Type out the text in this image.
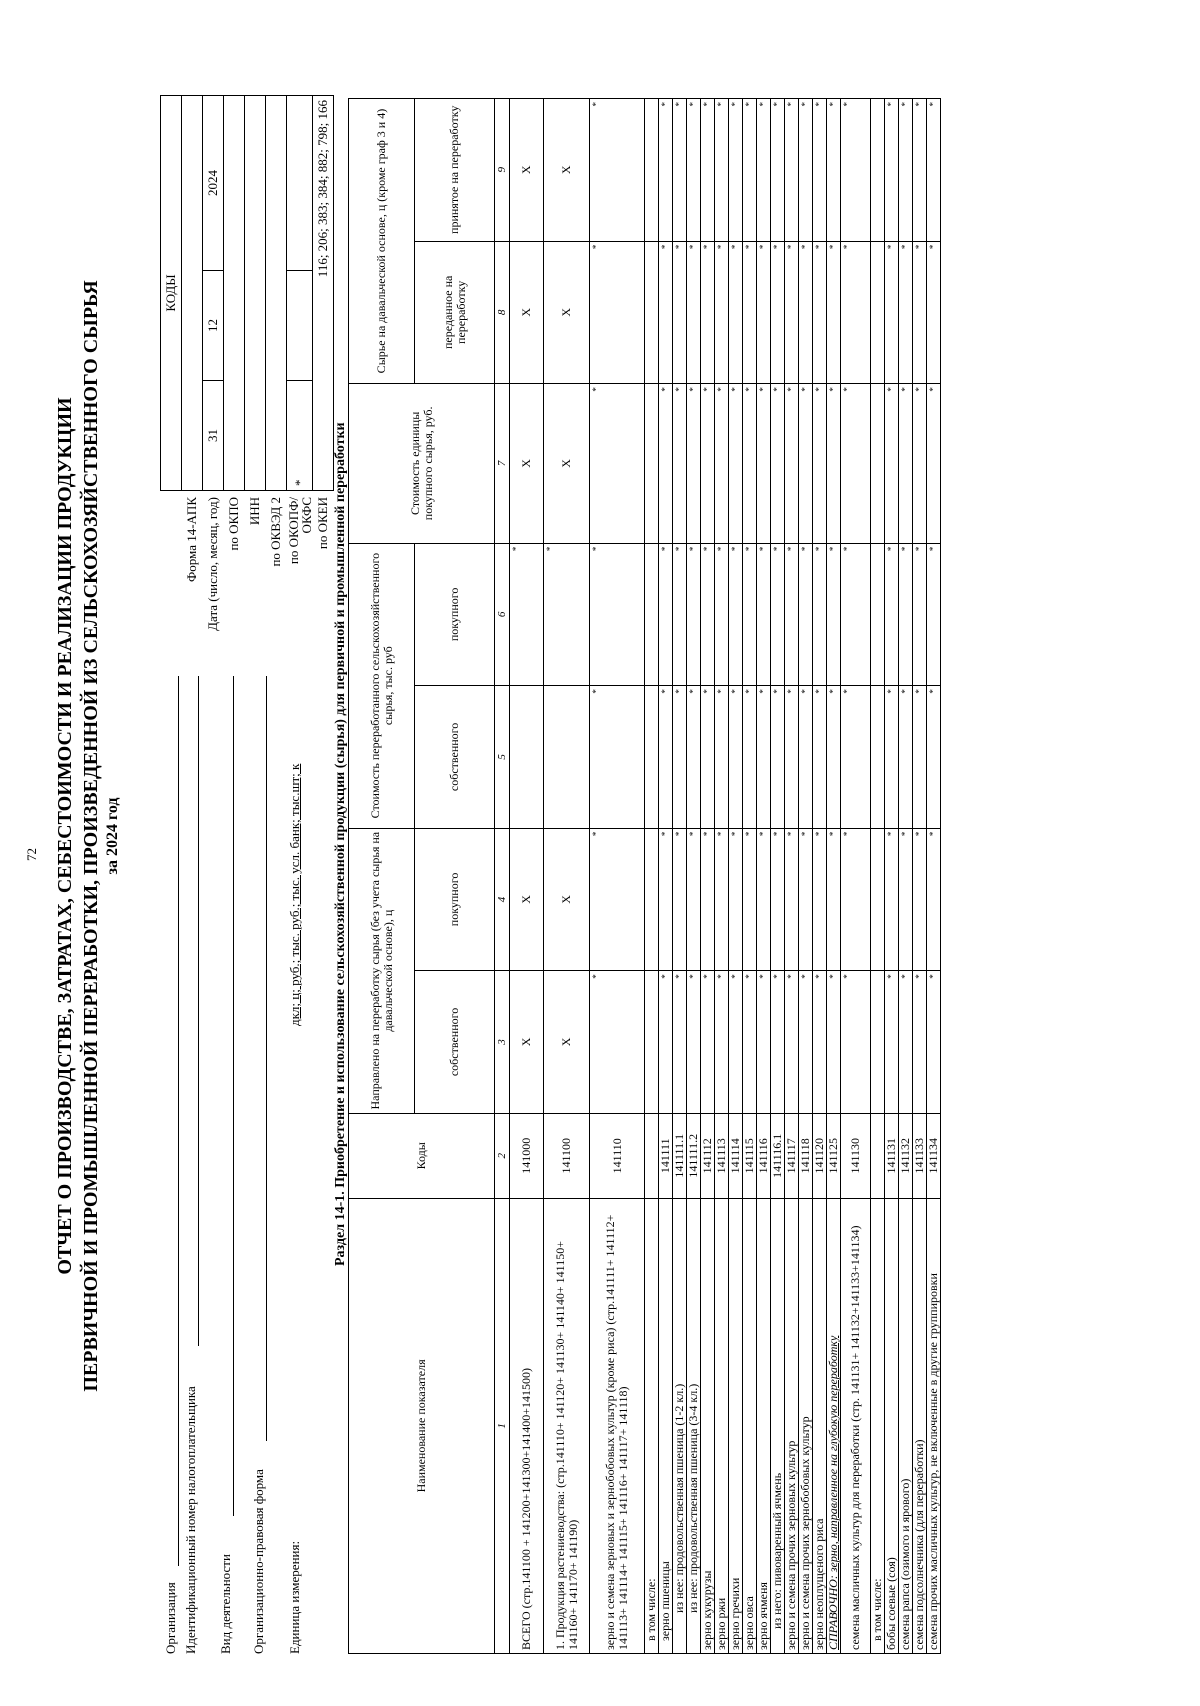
72 ОТЧЕТ О ПРОИЗВОДСТВЕ, ЗАТРАТАХ, СЕБЕСТОИМОСТИ И РЕАЛИЗАЦИИ ПРОДУКЦИИ ПЕРВИЧНОЙ И ПРОМЫШЛЕННОЙ ПЕРЕРАБОТКИ, ПРОИЗВЕДЕННОЙ ИЗ СЕЛЬСКОХОЗЯЙСТВЕННОГО СЫРЬЯ за 2024 год
Организация Идентификационный номер налогоплательщика Вид деятельности Организационно-правовая форма Единица измерения:
дкл; ц; руб.; тыс. руб.; тыс. усл. банк; тыс.шт; к
	КОДЫ		
Форма 14-АПК			
Дата (число, месяц, год)	31	12	2024
по ОКПО			
ИНН			
по ОКВЭД 2			
по ОКОПФ/
ОКФС	*		
по ОКЕИ	116; 206; 383; 384; 882; 798; 166		
Раздел 14-1. Приобретение и использование сельскохозяйственной продукции (сырья) для первичной и промышленной переработки
Наименование показателя	Коды	Направлено на переработку сырья (без учета сырья на давальческой основе), ц		Стоимость переработанного сельскохозяйственного сырья, тыс. руб		Стоимость единицы покупного сырья, руб.	Сырье на давальческой основе, ц (кроме граф 3 и 4)	
		собственного	покупного	собственного	покупного		переданное на переработку	принятое на переработку
1	2	3	4	5	6	7	8	9
ВСЕГО (стр.141100 + 141200+141300+141400+141500)	141000	Х	Х		*	Х	Х	Х
1. Продукция растениеводства: (стр.141110+ 141120+ 141130+ 141140+ 141150+ 141160+ 141170+ 141190)	141100	Х	Х		*	Х	Х	Х
зерно и семена зерновых и зернобобовых культур (кроме риса) (стр.141111+ 141112+ 141113+ 141114+ 141115+ 141116+ 141117+ 141118)	141110	*	*	*	*	*	*	*
в том числе:								
зерно пшеницы	141111	*	*	*	*	*	*	*
из нее: продовольственная пшеница (1-2 кл.)	141111.1	*	*	*	*	*	*	*
из нее: продовольственная пшеница (3-4 кл.)	141111.2	*	*	*	*	*	*	*
зерно кукурузы	141112	*	*	*	*	*	*	*
зерно ржи	141113	*	*	*	*	*	*	*
зерно гречихи	141114	*	*	*	*	*	*	*
зерно овса	141115	*	*	*	*	*	*	*
зерно ячменя	141116	*	*	*	*	*	*	*
из него: пивоваренный ячмень	141116.1	*	*	*	*	*	*	*
зерно и семена прочих зерновых культур	141117	*	*	*	*	*	*	*
зерно и семена прочих зернобобовых культур	141118	*	*	*	*	*	*	*
зерно неоплущеного риса	141120	*	*	*	*	*	*	*
СПРАВОЧНО: зерно, направленное на глубокую переработку	141125	*	*	*	*	*	*	*
семена масличных культур для переработки (стр. 141131+ 141132+141133+141134)	141130	*	*	*	*	*	*	*
в том числе:								
бобы соевые (соя)	141131	*	*	*	*	*	*	*
семена рапса (озимого и ярового)	141132	*	*	*	*	*	*	*
семена подсолнечника (для переработки)	141133	*	*	*	*	*	*	*
семена прочих масличных культур, не включенные в другие группировки	141134	*	*	*	*	*	*	*
